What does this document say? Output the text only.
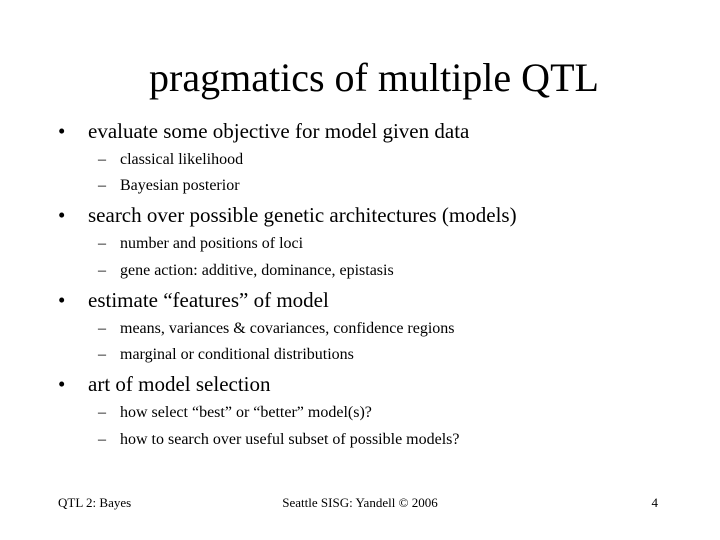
pragmatics of multiple QTL
• evaluate some objective for model given data
– classical likelihood
– Bayesian posterior
• search over possible genetic architectures (models)
– number and positions of loci
– gene action: additive, dominance, epistasis
• estimate “features” of model
– means, variances & covariances, confidence regions
– marginal or conditional distributions
• art of model selection
– how select “best” or “better” model(s)?
– how to search over useful subset of possible models?
QTL 2: Bayes	Seattle SISG: Yandell © 2006	4
